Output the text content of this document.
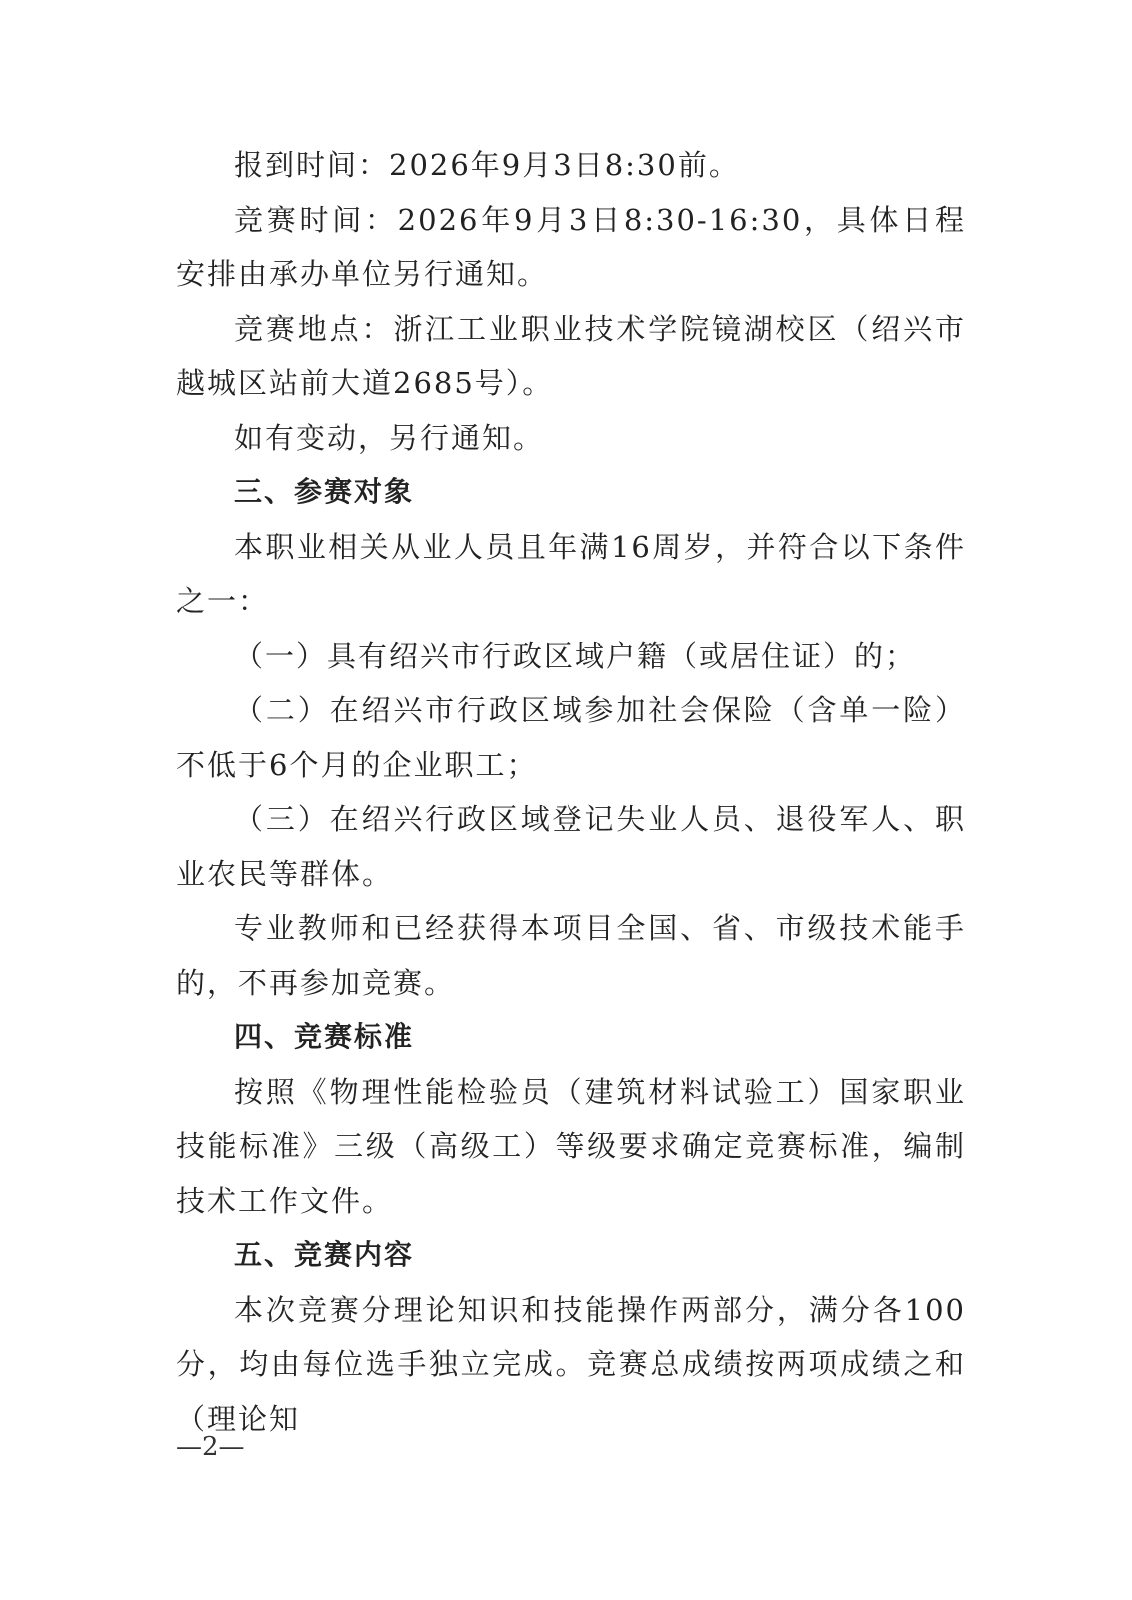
报到时间：2026年9月3日8:30前。

竞赛时间：2026年9月3日8:30-16:30，具体日程安排由承办单位另行通知。

竞赛地点：浙江工业职业技术学院镜湖校区（绍兴市越城区站前大道2685号）。

如有变动，另行通知。

三、参赛对象

本职业相关从业人员且年满16周岁，并符合以下条件之一：

（一）具有绍兴市行政区域户籍（或居住证）的；

（二）在绍兴市行政区域参加社会保险（含单一险）不低于6个月的企业职工；

（三）在绍兴行政区域登记失业人员、退役军人、职业农民等群体。

专业教师和已经获得本项目全国、省、市级技术能手的，不再参加竞赛。

四、竞赛标准

按照《物理性能检验员（建筑材料试验工）国家职业技能标准》三级（高级工）等级要求确定竞赛标准，编制技术工作文件。

五、竞赛内容

本次竞赛分理论知识和技能操作两部分，满分各100分，均由每位选手独立完成。竞赛总成绩按两项成绩之和（理论知

—2—
